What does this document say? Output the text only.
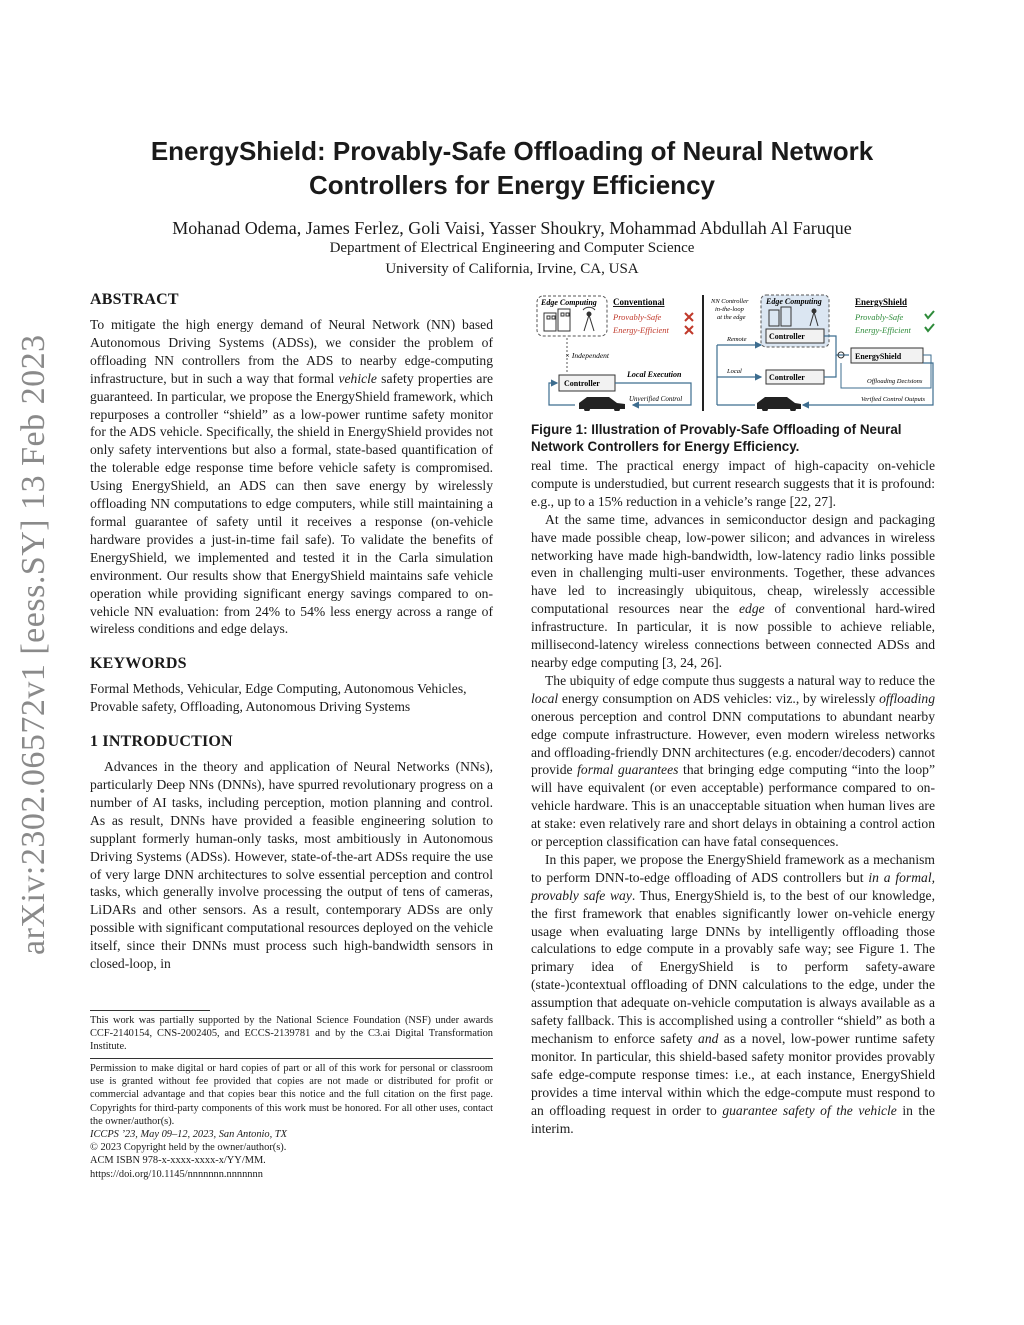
arXiv:2302.06572v1 [eess.SY] 13 Feb 2023
EnergyShield: Provably-Safe Offloading of Neural Network Controllers for Energy Efficiency
Mohanad Odema, James Ferlez, Goli Vaisi, Yasser Shoukry, Mohammad Abdullah Al Faruque
Department of Electrical Engineering and Computer Science
University of California, Irvine, CA, USA
ABSTRACT

To mitigate the high energy demand of Neural Network (NN) based Autonomous Driving Systems (ADSs), we consider the problem of offloading NN controllers from the ADS to nearby edge-computing infrastructure, but in such a way that formal vehicle safety properties are guaranteed. In particular, we propose the EnergyShield framework, which repurposes a controller “shield” as a low-power runtime safety monitor for the ADS vehicle. Specifically, the shield in EnergyShield provides not only safety interventions but also a formal, state-based quantification of the tolerable edge response time before vehicle safety is compromised. Using EnergyShield, an ADS can then save energy by wirelessly offloading NN computations to edge computers, while still maintaining a formal guarantee of safety until it receives a response (on-vehicle hardware provides a just-in-time fail safe). To validate the benefits of EnergyShield, we implemented and tested it in the Carla simulation environment. Our results show that EnergyShield maintains safe vehicle operation while providing significant energy savings compared to on-vehicle NN evaluation: from 24% to 54% less energy across a range of wireless conditions and edge delays.

KEYWORDS

Formal Methods, Vehicular, Edge Computing, Autonomous Vehicles, Provable safety, Offloading, Autonomous Driving Systems

1 INTRODUCTION

Advances in the theory and application of Neural Networks (NNs), particularly Deep NNs (DNNs), have spurred revolutionary progress on a number of AI tasks, including perception, motion planning and control. As as result, DNNs have provided a feasible engineering solution to supplant formerly human-only tasks, most ambitiously in Autonomous Driving Systems (ADSs). However, state-of-the-art ADSs require the use of very large DNN architectures to solve essential perception and control tasks, which generally involve processing the output of tens of cameras, LiDARs and other sensors. As a result, contemporary ADSs are only possible with significant computational resources deployed on the vehicle itself, since their DNNs must process such high-bandwidth sensors in closed-loop, in

This work was partially supported by the National Science Foundation (NSF) under awards CCF-2140154, CNS-2002405, and ECCS-2139781 and by the C3.ai Digital Transformation Institute.
Permission to make digital or hard copies of part or all of this work for personal or classroom use is granted without fee provided that copies are not made or distributed for profit or commercial advantage and that copies bear this notice and the full citation on the first page. Copyrights for third-party components of this work must be honored. For all other uses, contact the owner/author(s).
ICCPS ’23, May 09–12, 2023, San Antonio, TX
© 2023 Copyright held by the owner/author(s).
ACM ISBN 978-x-xxxx-xxxx-x/YY/MM.
https://doi.org/10.1145/nnnnnnn.nnnnnnn
Edge Computing Conventional
Provably-Safe
Energy-Efficient
× Independent
Controller
Local Execution
Unverified Control
NN Controller
in-the-loop
at the edge
Edge Computing
Controller
EnergyShield
Provably-Safe
Energy-Efficient
Remote
Local
Controller
EnergyShield
Offloading Decisions
Verified Control Outputs
Figure 1: Illustration of Provably-Safe Offloading of Neural Network Controllers for Energy Efficiency.

real time. The practical energy impact of high-capacity on-vehicle compute is understudied, but current research suggests that it is profound: e.g., up to a 15% reduction in a vehicle’s range [22, 27].

At the same time, advances in semiconductor design and packaging have made possible cheap, low-power silicon; and advances in wireless networking have made high-bandwidth, low-latency radio links possible even in challenging multi-user environments. Together, these advances have led to increasingly ubiquitous, cheap, wirelessly accessible computational resources near the edge of conventional hard-wired infrastructure. In particular, it is now possible to achieve reliable, millisecond-latency wireless connections between connected ADSs and nearby edge computing [3, 24, 26].

The ubiquity of edge compute thus suggests a natural way to reduce the local energy consumption on ADS vehicles: viz., by wirelessly offloading onerous perception and control DNN computations to abundant nearby edge compute infrastructure. However, even modern wireless networks and offloading-friendly DNN architectures (e.g. encoder/decoders) cannot provide formal guarantees that bringing edge computing “into the loop” will have equivalent (or even acceptable) performance compared to on-vehicle hardware. This is an unacceptable situation when human lives are at stake: even relatively rare and short delays in obtaining a control action or perception classification can have fatal consequences.

In this paper, we propose the EnergyShield framework as a mechanism to perform DNN-to-edge offloading of ADS controllers but in a formal, provably safe way. Thus, EnergyShield is, to the best of our knowledge, the first framework that enables significantly lower on-vehicle energy usage when evaluating large DNNs by intelligently offloading those calculations to edge compute in a provably safe way; see Figure 1. The primary idea of EnergyShield is to perform safety-aware (state-)contextual offloading of DNN calculations to the edge, under the assumption that adequate on-vehicle computation is always available as a safety fallback. This is accomplished using a controller “shield” as both a mechanism to enforce safety and as a novel, low-power runtime safety monitor. In particular, this shield-based safety monitor provides provably safe edge-compute response times: i.e., at each instance, EnergyShield provides a time interval within which the edge-compute must respond to an offloading request in order to guarantee safety of the vehicle in the interim.
